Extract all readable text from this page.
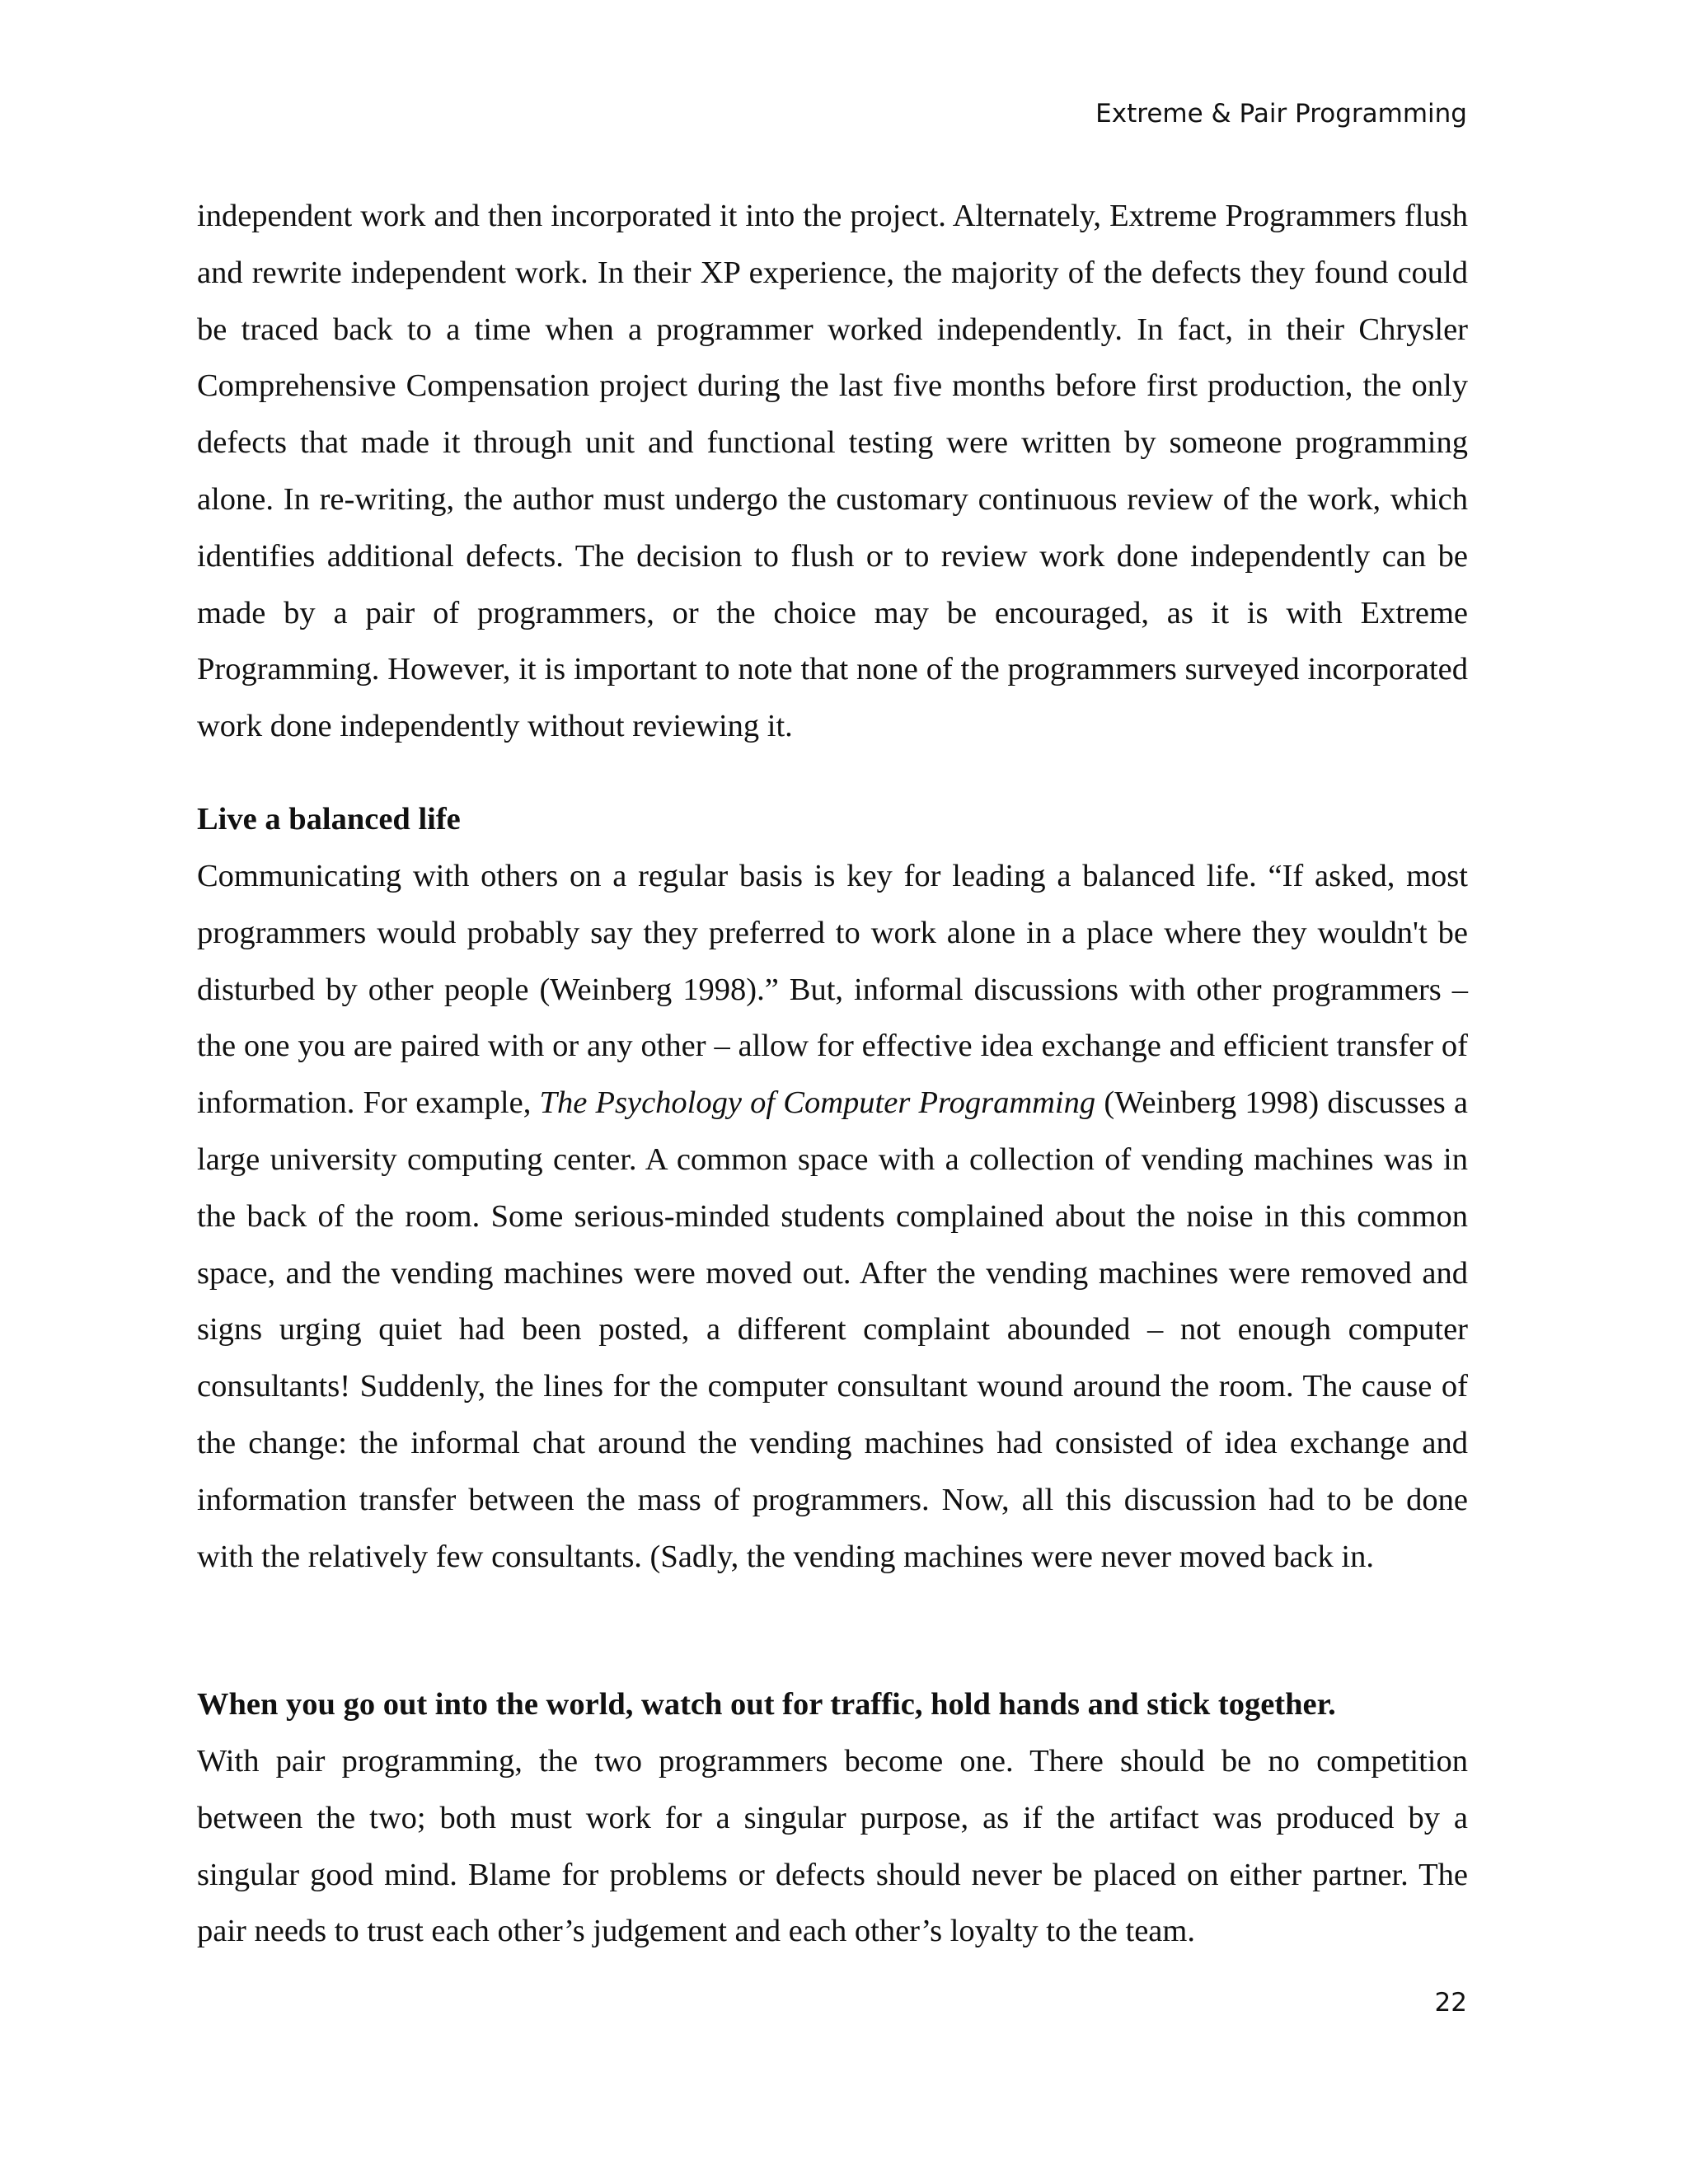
Extreme & Pair Programming

independent work and then incorporated it into the project. Alternately, Extreme Programmers flush and rewrite independent work. In their XP experience, the majority of the defects they found could be traced back to a time when a programmer worked independently. In fact, in their Chrysler Comprehensive Compensation project during the last five months before first production, the only defects that made it through unit and functional testing were written by someone programming alone. In re-writing, the author must undergo the customary continuous review of the work, which identifies additional defects. The decision to flush or to review work done independently can be made by a pair of programmers, or the choice may be encouraged, as it is with Extreme Programming. However, it is important to note that none of the programmers surveyed incorporated work done independently without reviewing it.

Live a balanced life

Communicating with others on a regular basis is key for leading a balanced life. “If asked, most programmers would probably say they preferred to work alone in a place where they wouldn't be disturbed by other people (Weinberg 1998).” But, informal discussions with other programmers – the one you are paired with or any other – allow for effective idea exchange and efficient transfer of information. For example, The Psychology of Computer Programming (Weinberg 1998) discusses a large university computing center. A common space with a collection of vending machines was in the back of the room. Some serious-minded students complained about the noise in this common space, and the vending machines were moved out. After the vending machines were removed and signs urging quiet had been posted, a different complaint abounded – not enough computer consultants! Suddenly, the lines for the computer consultant wound around the room. The cause of the change: the informal chat around the vending machines had consisted of idea exchange and information transfer between the mass of programmers. Now, all this discussion had to be done with the relatively few consultants. (Sadly, the vending machines were never moved back in.

When you go out into the world, watch out for traffic, hold hands and stick together.

With pair programming, the two programmers become one. There should be no competition between the two; both must work for a singular purpose, as if the artifact was produced by a singular good mind. Blame for problems or defects should never be placed on either partner. The pair needs to trust each other’s judgement and each other’s loyalty to the team.

22
